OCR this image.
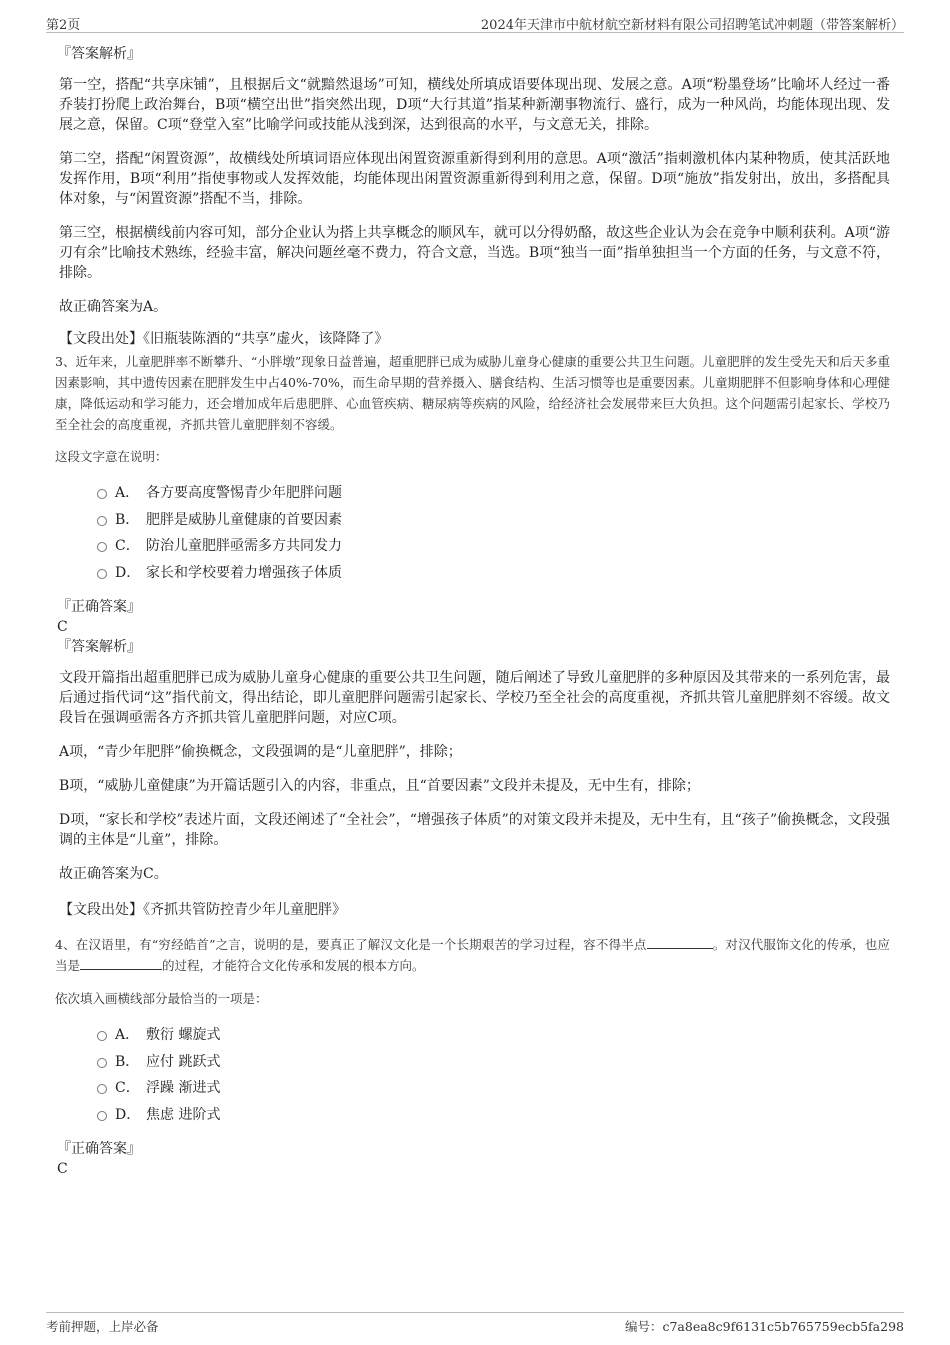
第2页	2024年天津市中航材航空新材料有限公司招聘笔试冲刺题（带答案解析）

『答案解析』

第一空，搭配“共享床铺”，且根据后文“就黯然退场”可知，横线处所填成语要体现出现、发展之意。A项“粉墨登场”比喻坏人经过一番乔装打扮爬上政治舞台，B项“横空出世”指突然出现，D项“大行其道”指某种新潮事物流行、盛行，成为一种风尚，均能体现出现、发展之意，保留。C项“登堂入室”比喻学问或技能从浅到深，达到很高的水平，与文意无关，排除。

第二空，搭配“闲置资源”，故横线处所填词语应体现出闲置资源重新得到利用的意思。A项“激活”指刺激机体内某种物质，使其活跃地发挥作用，B项“利用”指使事物或人发挥效能，均能体现出闲置资源重新得到利用之意，保留。D项“施放”指发射出，放出，多搭配具体对象，与“闲置资源”搭配不当，排除。

第三空，根据横线前内容可知，部分企业认为搭上共享概念的顺风车，就可以分得奶酪，故这些企业认为会在竞争中顺利获利。A项“游刃有余”比喻技术熟练，经验丰富，解决问题丝毫不费力，符合文意，当选。B项“独当一面”指单独担当一个方面的任务，与文意不符，排除。

故正确答案为A。

【文段出处】《旧瓶装陈酒的“共享”虚火，该降降了》

3、近年来，儿童肥胖率不断攀升、“小胖墩”现象日益普遍，超重肥胖已成为威胁儿童身心健康的重要公共卫生问题。儿童肥胖的发生受先天和后天多重因素影响，其中遗传因素在肥胖发生中占40%-70%，而生命早期的营养摄入、膳食结构、生活习惯等也是重要因素。儿童期肥胖不但影响身体和心理健康，降低运动和学习能力，还会增加成年后患肥胖、心血管疾病、糖尿病等疾病的风险，给经济社会发展带来巨大负担。这个问题需引起家长、学校乃至全社会的高度重视，齐抓共管儿童肥胖刻不容缓。

这段文字意在说明：

A． 各方要高度警惕青少年肥胖问题
B． 肥胖是威胁儿童健康的首要因素
C． 防治儿童肥胖亟需多方共同发力
D． 家长和学校要着力增强孩子体质

『正确答案』

C

『答案解析』

文段开篇指出超重肥胖已成为威胁儿童身心健康的重要公共卫生问题，随后阐述了导致儿童肥胖的多种原因及其带来的一系列危害，最后通过指代词“这”指代前文，得出结论，即儿童肥胖问题需引起家长、学校乃至全社会的高度重视，齐抓共管儿童肥胖刻不容缓。故文段旨在强调亟需各方齐抓共管儿童肥胖问题，对应C项。

A项，“青少年肥胖”偷换概念，文段强调的是“儿童肥胖”，排除；

B项，“威胁儿童健康”为开篇话题引入的内容，非重点，且“首要因素”文段并未提及，无中生有，排除；

D项，“家长和学校”表述片面，文段还阐述了“全社会”，“增强孩子体质”的对策文段并未提及，无中生有，且“孩子”偷换概念，文段强调的主体是“儿童”，排除。

故正确答案为C。

【文段出处】《齐抓共管防控青少年儿童肥胖》

4、在汉语里，有“穷经皓首”之言，说明的是，要真正了解汉文化是一个长期艰苦的学习过程，容不得半点	。对汉代服饰文化的传承，也应当是	的过程，才能符合文化传承和发展的根本方向。

依次填入画横线部分最恰当的一项是：

A． 敷衍 螺旋式
B． 应付 跳跃式
C． 浮躁 渐进式
D． 焦虑 进阶式

『正确答案』

C

考前押题，上岸必备	编号：c7a8ea8c9f6131c5b765759ecb5fa298
